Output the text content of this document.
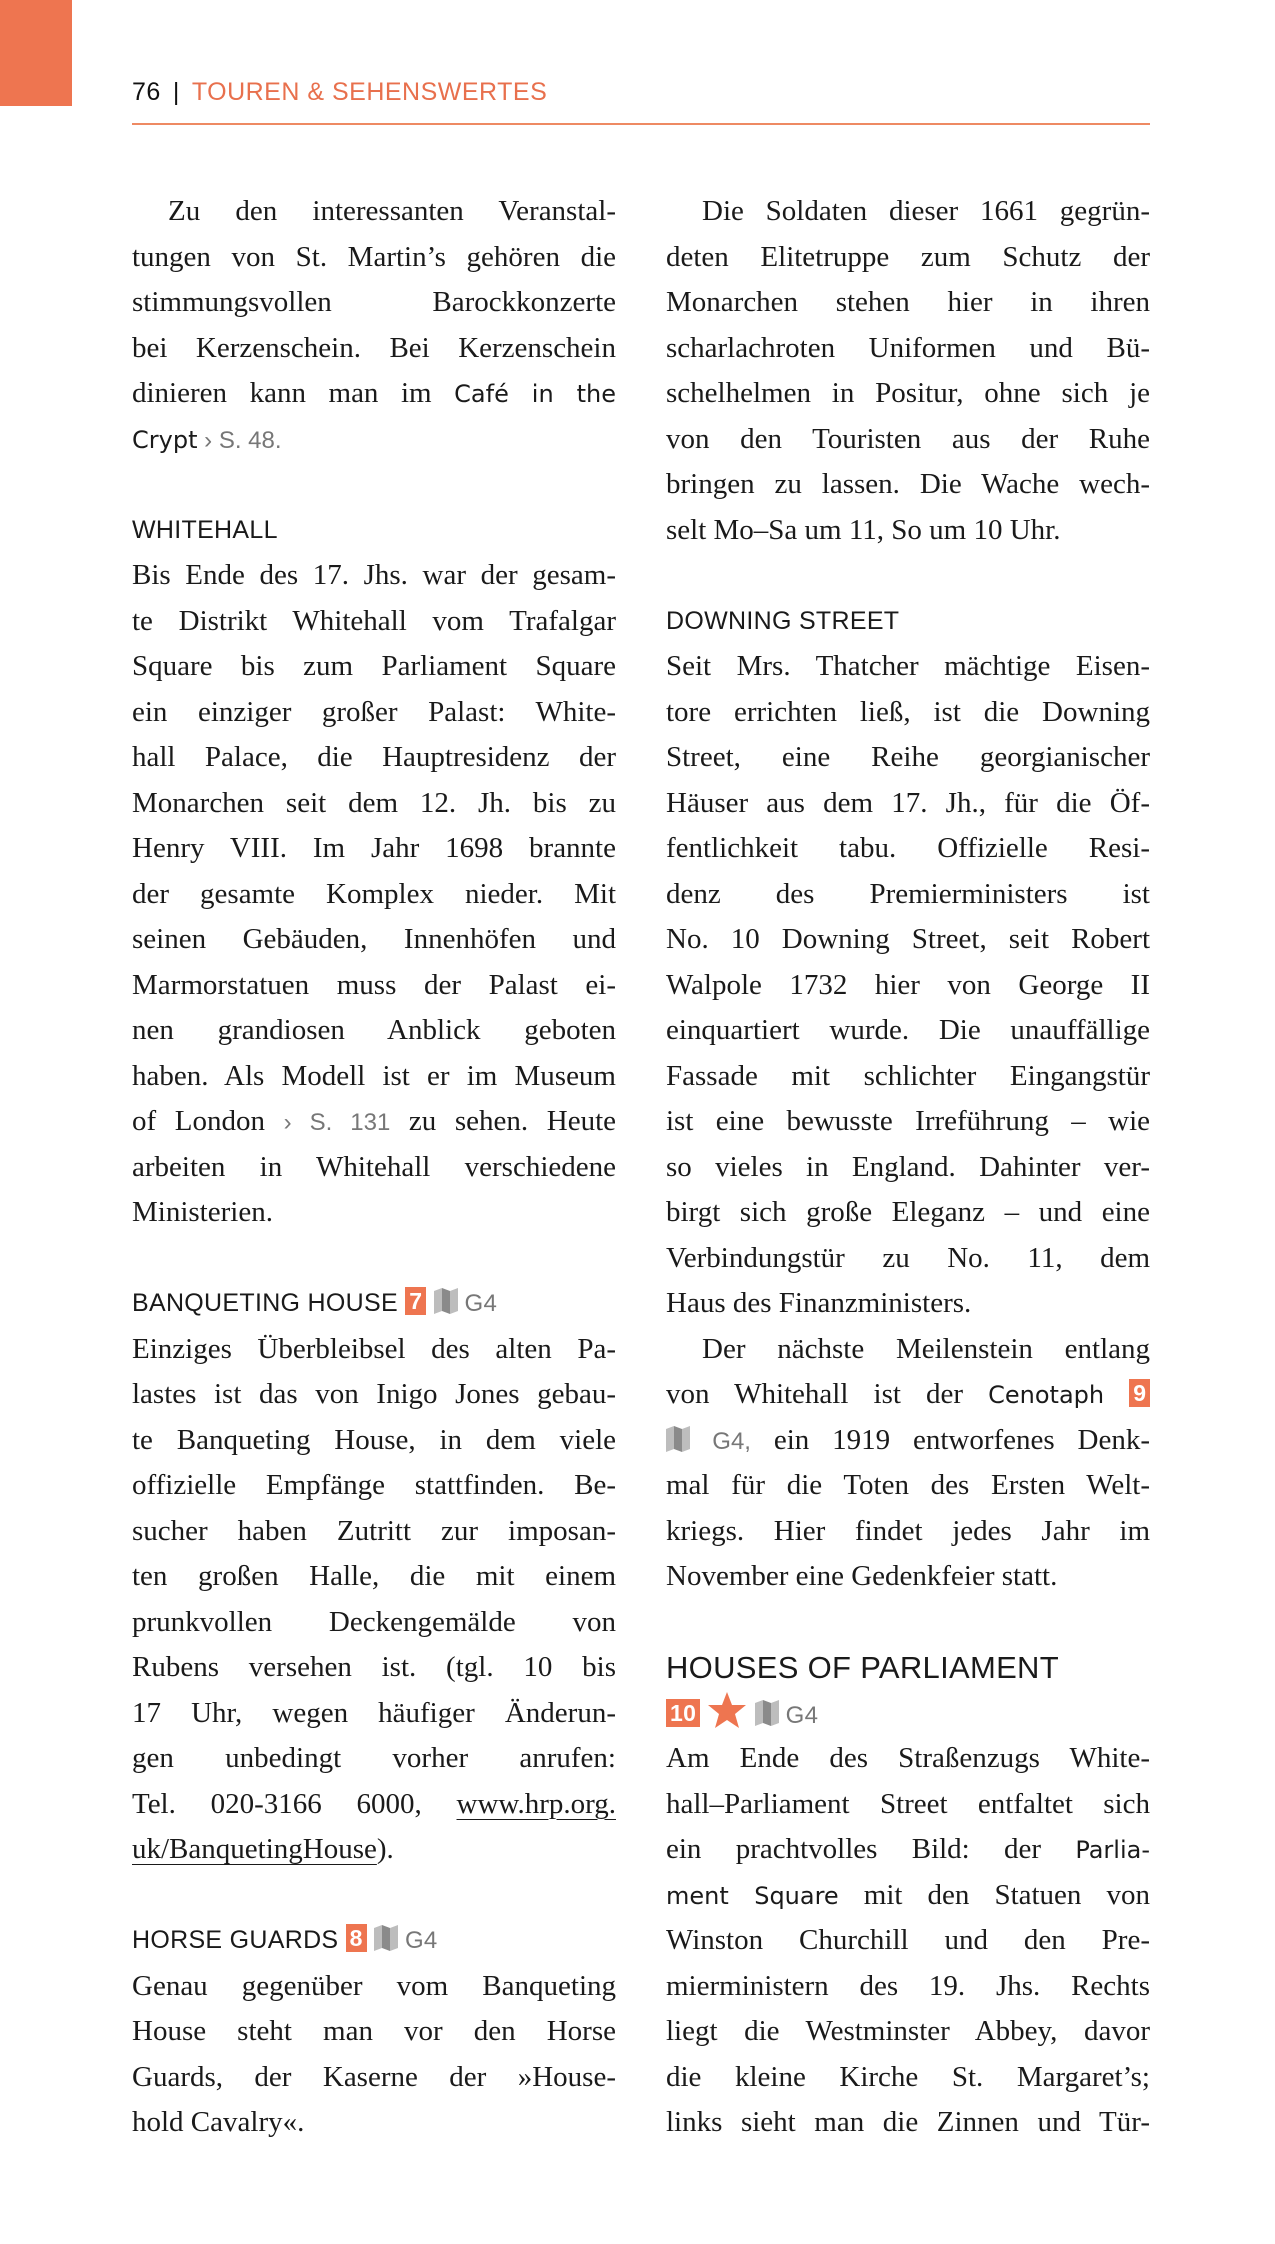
76 | TOUREN & SEHENSWERTES
Zu den interessanten Veranstal-
tungen von St. Martin’s gehören die
stimmungsvollen Barockkonzerte
bei Kerzenschein. Bei Kerzenschein
dinieren kann man im Café in the
Crypt › S. 48.
WHITEHALL
Bis Ende des 17. Jhs. war der gesam-
te Distrikt Whitehall vom Trafalgar
Square bis zum Parliament Square
ein einziger großer Palast: White-
hall Palace, die Hauptresidenz der
Monarchen seit dem 12. Jh. bis zu
Henry VIII. Im Jahr 1698 brannte
der gesamte Komplex nieder. Mit
seinen Gebäuden, Innenhöfen und
Marmorstatuen muss der Palast ei-
nen grandiosen Anblick geboten
haben. Als Modell ist er im Museum
of London › S. 131 zu sehen. Heute
arbeiten in Whitehall verschiedene
Ministerien.
BANQUETING HOUSE 7  G4
Einziges Überbleibsel des alten Pa-
lastes ist das von Inigo Jones gebau-
te Banqueting House, in dem viele
offizielle Empfänge stattfinden. Be-
sucher haben Zutritt zur imposan-
ten großen Halle, die mit einem
prunkvollen Deckengemälde von
Rubens versehen ist. (tgl. 10 bis
17 Uhr, wegen häufiger Änderun-
gen unbedingt vorher anrufen:
Tel. 020-3166 6000, www.hrp.org.
uk/BanquetingHouse).
HORSE GUARDS 8  G4
Genau gegenüber vom Banqueting
House steht man vor den Horse
Guards, der Kaserne der »House-
hold Cavalry«.
Die Soldaten dieser 1661 gegrün-
deten Elitetruppe zum Schutz der
Monarchen stehen hier in ihren
scharlachroten Uniformen und Bü-
schelhelmen in Positur, ohne sich je
von den Touristen aus der Ruhe
bringen zu lassen. Die Wache wech-
selt Mo–Sa um 11, So um 10 Uhr.
DOWNING STREET
Seit Mrs. Thatcher mächtige Eisen-
tore errichten ließ, ist die Downing
Street, eine Reihe georgianischer
Häuser aus dem 17. Jh., für die Öf-
fentlichkeit tabu. Offizielle Resi-
denz des Premierministers ist
No. 10 Downing Street, seit Robert
Walpole 1732 hier von George II
einquartiert wurde. Die unauffällige
Fassade mit schlichter Eingangstür
ist eine bewusste Irreführung – wie
so vieles in England. Dahinter ver-
birgt sich große Eleganz – und eine
Verbindungstür zu No. 11, dem
Haus des Finanzministers.
Der nächste Meilenstein entlang
von Whitehall ist der Cenotaph 9
G4, ein 1919 entworfenes Denk-
mal für die Toten des Ersten Welt-
kriegs. Hier findet jedes Jahr im
November eine Gedenkfeier statt.
HOUSES OF PARLIAMENT
10	G4
Am Ende des Straßenzugs White-
hall–Parliament Street entfaltet sich
ein prachtvolles Bild: der Parlia-
ment Square mit den Statuen von
Winston Churchill und den Pre-
mierministern des 19. Jhs. Rechts
liegt die Westminster Abbey, davor
die kleine Kirche St. Margaret’s;
links sieht man die Zinnen und Tür-
